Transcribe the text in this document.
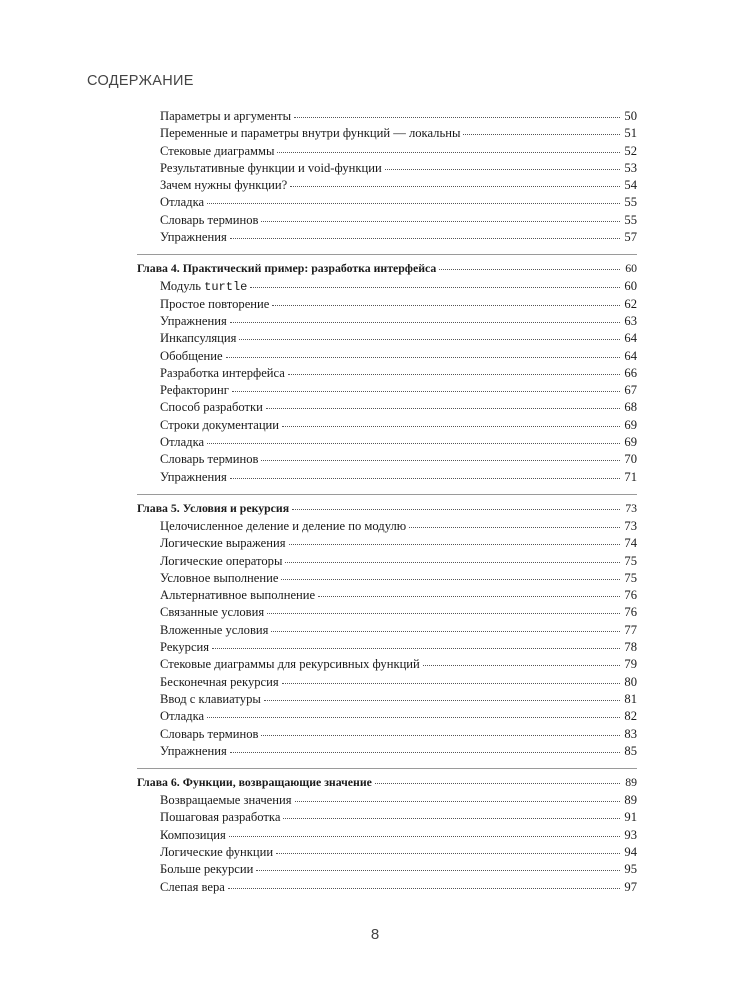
СОДЕРЖАНИЕ
Параметры и аргументы	50
Переменные и параметры внутри функций — локальны	51
Стековые диаграммы	52
Результативные функции и void-функции	53
Зачем нужны функции?	54
Отладка	55
Словарь терминов	55
Упражнения	57
Глава 4. Практический пример: разработка интерфейса	60
Модуль turtle	60
Простое повторение	62
Упражнения	63
Инкапсуляция	64
Обобщение	64
Разработка интерфейса	66
Рефакторинг	67
Способ разработки	68
Строки документации	69
Отладка	69
Словарь терминов	70
Упражнения	71
Глава 5. Условия и рекурсия	73
Целочисленное деление и деление по модулю	73
Логические выражения	74
Логические операторы	75
Условное выполнение	75
Альтернативное выполнение	76
Связанные условия	76
Вложенные условия	77
Рекурсия	78
Стековые диаграммы для рекурсивных функций	79
Бесконечная рекурсия	80
Ввод с клавиатуры	81
Отладка	82
Словарь терминов	83
Упражнения	85
Глава 6. Функции, возвращающие значение	89
Возвращаемые значения	89
Пошаговая разработка	91
Композиция	93
Логические функции	94
Больше рекурсии	95
Слепая вера	97
8
